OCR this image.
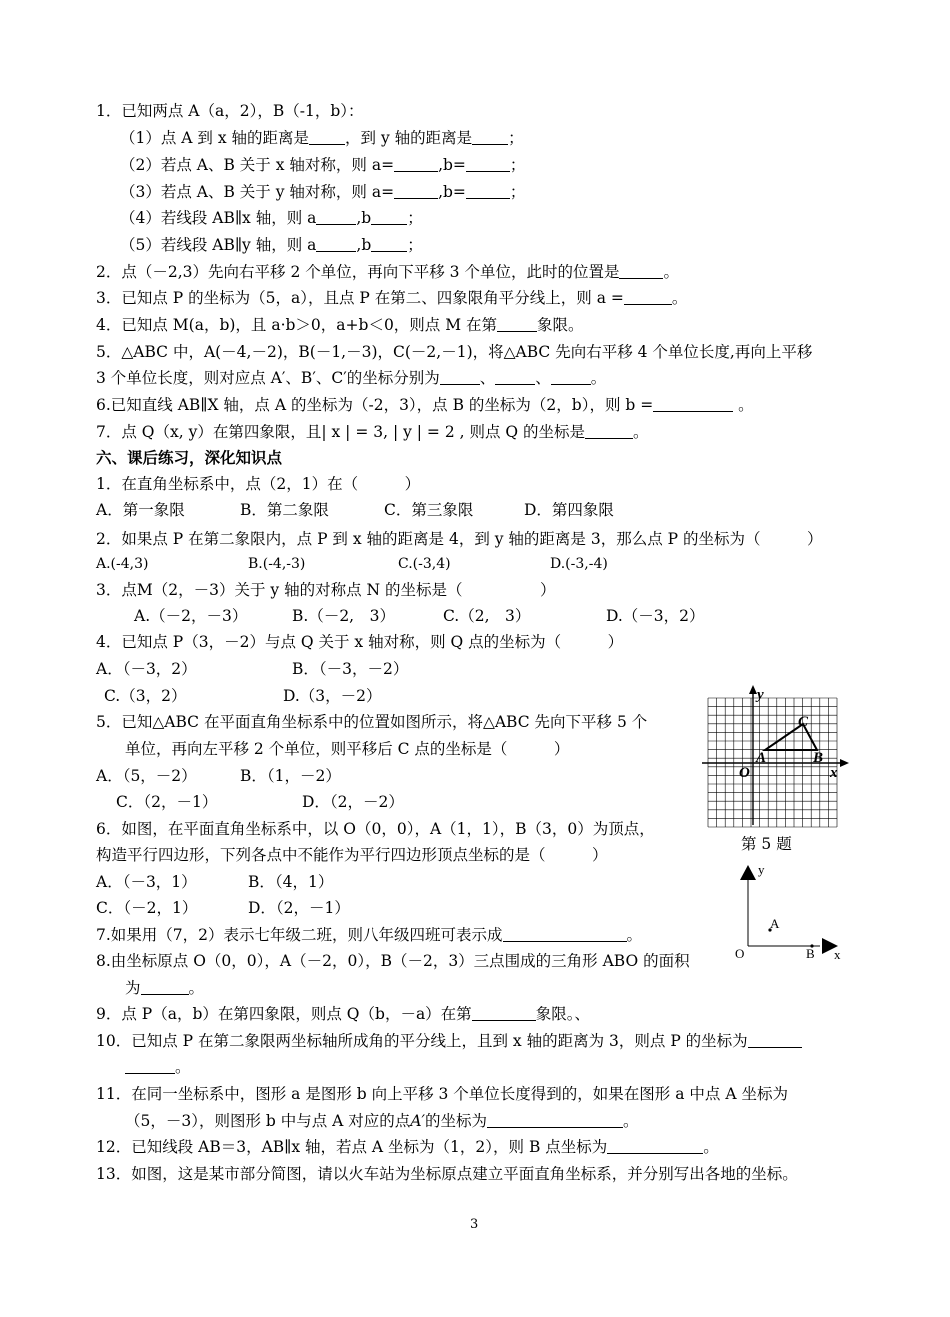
1．已知两点 A（a，2），B（-1，b）：
（1）点 A 到 x 轴的距离是 ，到 y 轴的距离是 ；
（2）若点 A、B 关于 x 轴对称，则 a=	,b=	；
（3）若点 A、B 关于 y 轴对称，则 a=	,b=	；
（4）若线段 AB∥x 轴，则 a	,b ；
（5）若线段 AB∥y 轴，则 a	,b ；
2．点（－2,3）先向右平移 2 个单位，再向下平移 3 个单位，此时的位置是	。
3．已知点 P 的坐标为（5，a），且点 P 在第二、四象限角平分线上，则 a =	。
4．已知点 M(a，b)，且 a·b＞0，a+b＜0，则点 M 在第	象限。
5．△ABC 中，A(－4,－2)，B(－1,－3)，C(－2,－1)，将△ABC 先向右平移 4 个单位长度,再向上平移
3 个单位长度，则对应点 A′、B′、C′的坐标分别为	、	、	。
6.已知直线 AB∥X 轴，点 A 的坐标为（-2，3），点 B 的坐标为（2，b），则 b =	。
7．点 Q（x, y）在第四象限，且| x | = 3, | y | = 2 , 则点 Q 的坐标是	。
六、课后练习，深化知识点
1．在直角坐标系中，点（2，1）在（　　　）
A．第一象限	B．第二象限	C．第三象限	D．第四象限
2．如果点 P 在第二象限内，点 P 到 x 轴的距离是 4，到 y 轴的距离是 3，那么点 P 的坐标为（　　　）
A.(-4,3)	B.(-4,-3)	C.(-3,4)	D.(-3,-4)
3．点M（2，－3）关于 y 轴的对称点 N 的坐标是（　　　　　）
A.（－2，－3）	B.（－2,　3）	C.（2,　3）	D.（－3，2）
4．已知点 P（3，－2）与点 Q 关于 x 轴对称，则 Q 点的坐标为（　　　）
A．（－3，2）	B．（－3，－2）
C.（3，2）	D.（3，－2）
5．已知△ABC 在平面直角坐标系中的位置如图所示，将△ABC 先向下平移 5 个
单位，再向左平移 2 个单位，则平移后 C 点的坐标是（　　　）
A．（5，－2）	B．（1，－2）
C．（2，－1）	D．（2，－2）
6．如图，在平面直角坐标系中，以 O（0，0），A（1，1），B（3，0）为顶点，
构造平行四边形，下列各点中不能作为平行四边形顶点坐标的是（　　　）
A．（－3，1）	B．（4，1）
C．（－2，1）	D．（2，－1）
7.如果用（7，2）表示七年级二班，则八年级四班可表示成	。
8.由坐标原点 O（0，0），A（－2，0），B（－2，3）三点围成的三角形 ABO 的面积
为	。
9．点 P（a，b）在第四象限，则点 Q（b，－a）在第	象限。、
10．已知点 P 在第二象限两坐标轴所成角的平分线上，且到 x 轴的距离为 3，则点 P 的坐标为
。
11．在同一坐标系中，图形 a 是图形 b 向上平移 3 个单位长度得到的，如果在图形 a 中点 A 坐标为
（5，－3），则图形 b 中与点 A 对应的点A′的坐标为	。
12．已知线段 AB＝3，AB∥x 轴，若点 A 坐标为（1，2），则 B 点坐标为	。
13．如图，这是某市部分简图，请以火车站为坐标原点建立平面直角坐标系，并分别写出各地的坐标。
y
x
O
A	B
C
第 5 题
y
x
O
A
B
3
